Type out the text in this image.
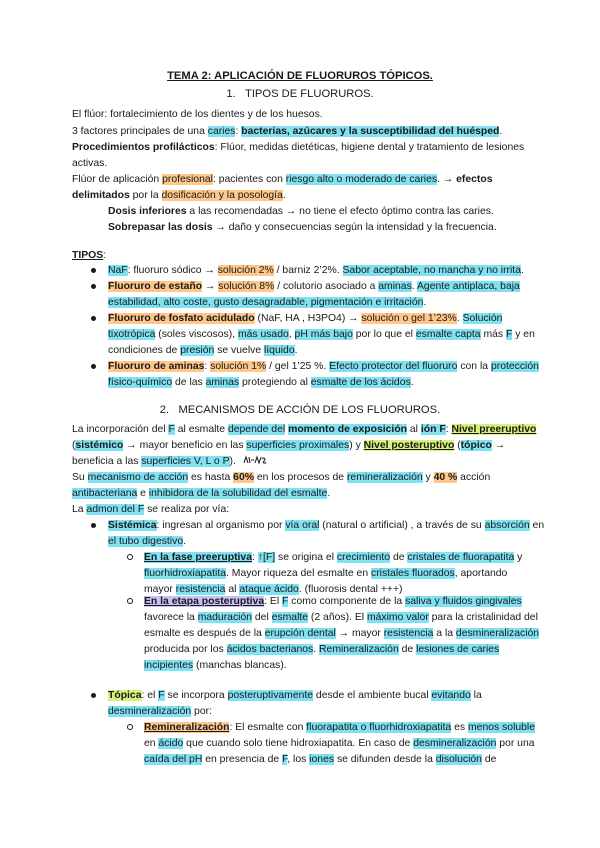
TEMA 2: APLICACIÓN DE FLUORUROS TÓPICOS.
1. TIPOS DE FLUORUROS.
El flúor: fortalecimiento de los dientes y de los huesos.
3 factores principales de una caries: bacterias, azúcares y la susceptibilidad del huésped.
Procedimientos profilácticos: Flúor, medidas dietéticas, higiene dental y tratamiento de lesiones
activas.
Flúor de aplicación profesional: pacientes con riesgo alto o moderado de caries. → efectos
delimitados por la dosificación y la posología.
Dosis inferiores a las recomendadas → no tiene el efecto óptimo contra las caries.
Sobrepasar las dosis → daño y consecuencias según la intensidad y la frecuencia.
TIPOS:
NaF: fluoruro sódico → solución 2% / barniz 2’2%. Sabor aceptable, no mancha y no irrita.
Fluoruro de estaño → solución 8% / colutorio asociado a aminas. Agente antiplaca, baja
estabilidad, alto coste, gusto desagradable, pigmentación e irritación.
Fluoruro de fosfato acidulado (NaF, HA , H3PO4) → solución o gel 1’23%. Solución
tixotrópica (soles viscosos), más usado, pH más bajo por lo que el esmalte capta más F y en
condiciones de presión se vuelve líquido.
Fluoruro de aminas: solución 1% / gel 1’25 %. Efecto protector del fluoruro con la protección
físico-químico de las aminas protegiendo al esmalte de los ácidos.
2. MECANISMOS DE ACCIÓN DE LOS FLUORUROS.
La incorporación del F al esmalte depende del momento de exposición al ión F: Nivel preeruptivo
(sistémico → mayor beneficio en las superficies proximales) y Nivel posteruptivo (tópico →
beneficia a las superficies V, L o P).
Su mecanismo de acción es hasta 60% en los procesos de remineralización y 40 % acción
antibacteriana e inhibidora de la solubilidad del esmalte.
La admon del F se realiza por vía:
Sistémica: ingresan al organismo por vía oral (natural o artificial) , a través de su absorción en
el tubo digestivo.
En la fase preeruptiva: ↑[F] se origina el crecimiento de cristales de fluorapatita y
fluorhidroxiapatita. Mayor riqueza del esmalte en cristales fluorados, aportando
mayor resistencia al ataque ácido. (fluorosis dental +++)
En la etapa posteruptiva: El F como componente de la saliva y fluidos gingivales
favorece la maduración del esmalte (2 años). El máximo valor para la cristalinidad del
esmalte es después de la erupción dental → mayor resistencia a la desmineralización
producida por los ácidos bacterianos. Remineralización de lesiones de caries
incipientes (manchas blancas).
Tópica: el F se incorpora posteruptivamente desde el ambiente bucal evitando la
desmineralización por:
Remineralización: El esmalte con fluorapatita o fluorhidroxiapatita es menos soluble
en ácido que cuando solo tiene hidroxiapatita. En caso de desmineralización por una
caída del pH en presencia de F, los iones se difunden desde la disolución de
